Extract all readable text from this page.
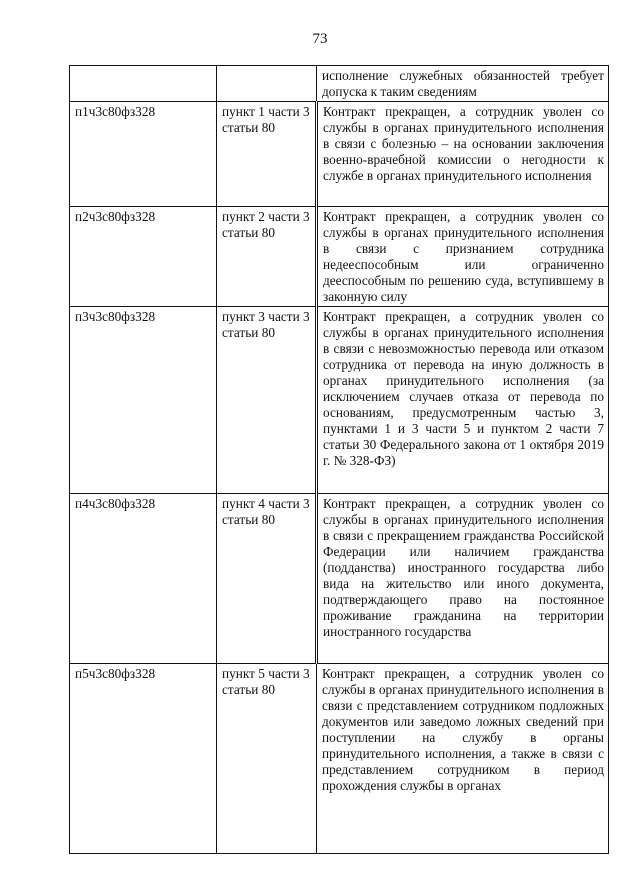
73
		исполнение служебных обязанностей требует допуска к таким сведениям
п1ч3с80фз328	пункт 1 части 3 статьи 80	Контракт прекращен, а сотрудник уволен со службы в органах принудительного исполнения в связи с болезнью – на основании заключения военно-врачебной комиссии о негодности к службе в органах принудительного исполнения
п2ч3с80фз328	пункт 2 части 3 статьи 80	Контракт прекращен, а сотрудник уволен со службы в органах принудительного исполнения в связи с признанием сотрудника недееспособным или ограниченно дееспособным по решению суда, вступившему в законную силу
п3ч3с80фз328	пункт 3 части 3 статьи 80	Контракт прекращен, а сотрудник уволен со службы в органах принудительного исполнения в связи с невозможностью перевода или отказом сотрудника от перевода на иную должность в органах принудительного исполнения (за исключением случаев отказа от перевода по основаниям, предусмотренным частью 3, пунктами 1 и 3 части 5 и пунктом 2 части 7 статьи 30 Федерального закона от 1 октября 2019 г. № 328-ФЗ)
п4ч3с80фз328	пункт 4 части 3 статьи 80	Контракт прекращен, а сотрудник уволен со службы в органах принудительного исполнения в связи с прекращением гражданства Российской Федерации или наличием гражданства (подданства) иностранного государства либо вида на жительство или иного документа, подтверждающего право на постоянное проживание гражданина на территории иностранного государства
п5ч3с80фз328	пункт 5 части 3 статьи 80	Контракт прекращен, а сотрудник уволен со службы в органах принудительного исполнения в связи с представлением сотрудником подложных документов или заведомо ложных сведений при поступлении на службу в органы принудительного исполнения, а также в связи с представлением сотрудником в период прохождения службы в органах
